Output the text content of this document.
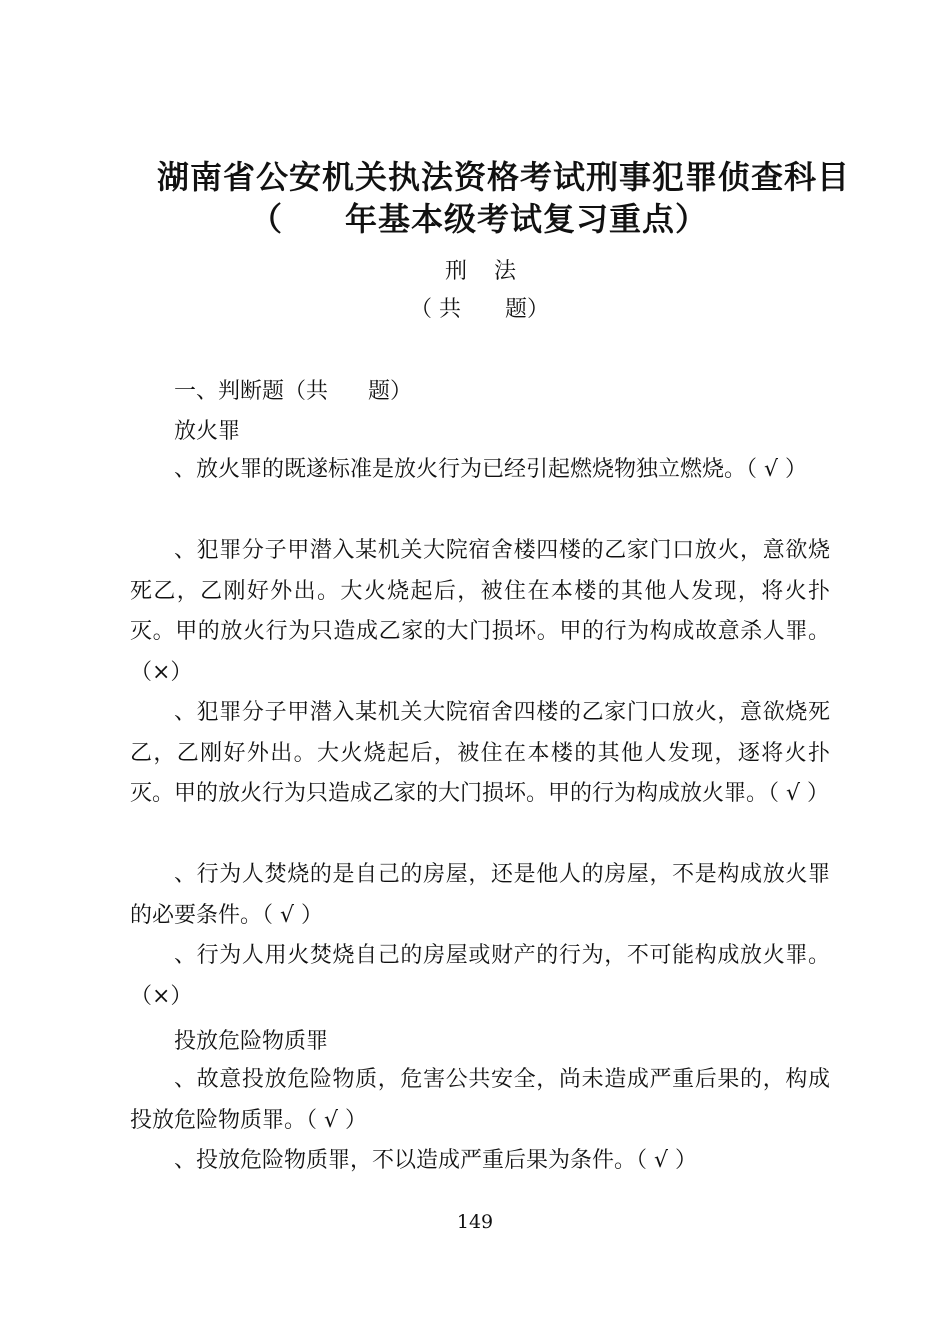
湖南省公安机关执法资格考试刑事犯罪侦查科目
（ 年基本级考试复习重点）
刑 法
（ 共 题）
一、判断题（共 题）
放火罪
、放火罪的既遂标准是放火行为已经引起燃烧物独立燃烧。（ √ ）
、犯罪分子甲潜入某机关大院宿舍楼四楼的乙家门口放火，意欲烧死乙，乙刚好外出。大火烧起后，被住在本楼的其他人发现，将火扑灭。甲的放火行为只造成乙家的大门损坏。甲的行为构成故意杀人罪。（×）
、犯罪分子甲潜入某机关大院宿舍四楼的乙家门口放火，意欲烧死乙，乙刚好外出。大火烧起后，被住在本楼的其他人发现，逐将火扑灭。甲的放火行为只造成乙家的大门损坏。甲的行为构成放火罪。（ √ ）
、行为人焚烧的是自己的房屋，还是他人的房屋，不是构成放火罪的必要条件。（ √ ）
、行为人用火焚烧自己的房屋或财产的行为，不可能构成放火罪。（×）
投放危险物质罪
、故意投放危险物质，危害公共安全，尚未造成严重后果的，构成投放危险物质罪。（ √ ）
、投放危险物质罪，不以造成严重后果为条件。（ √ ）
149
